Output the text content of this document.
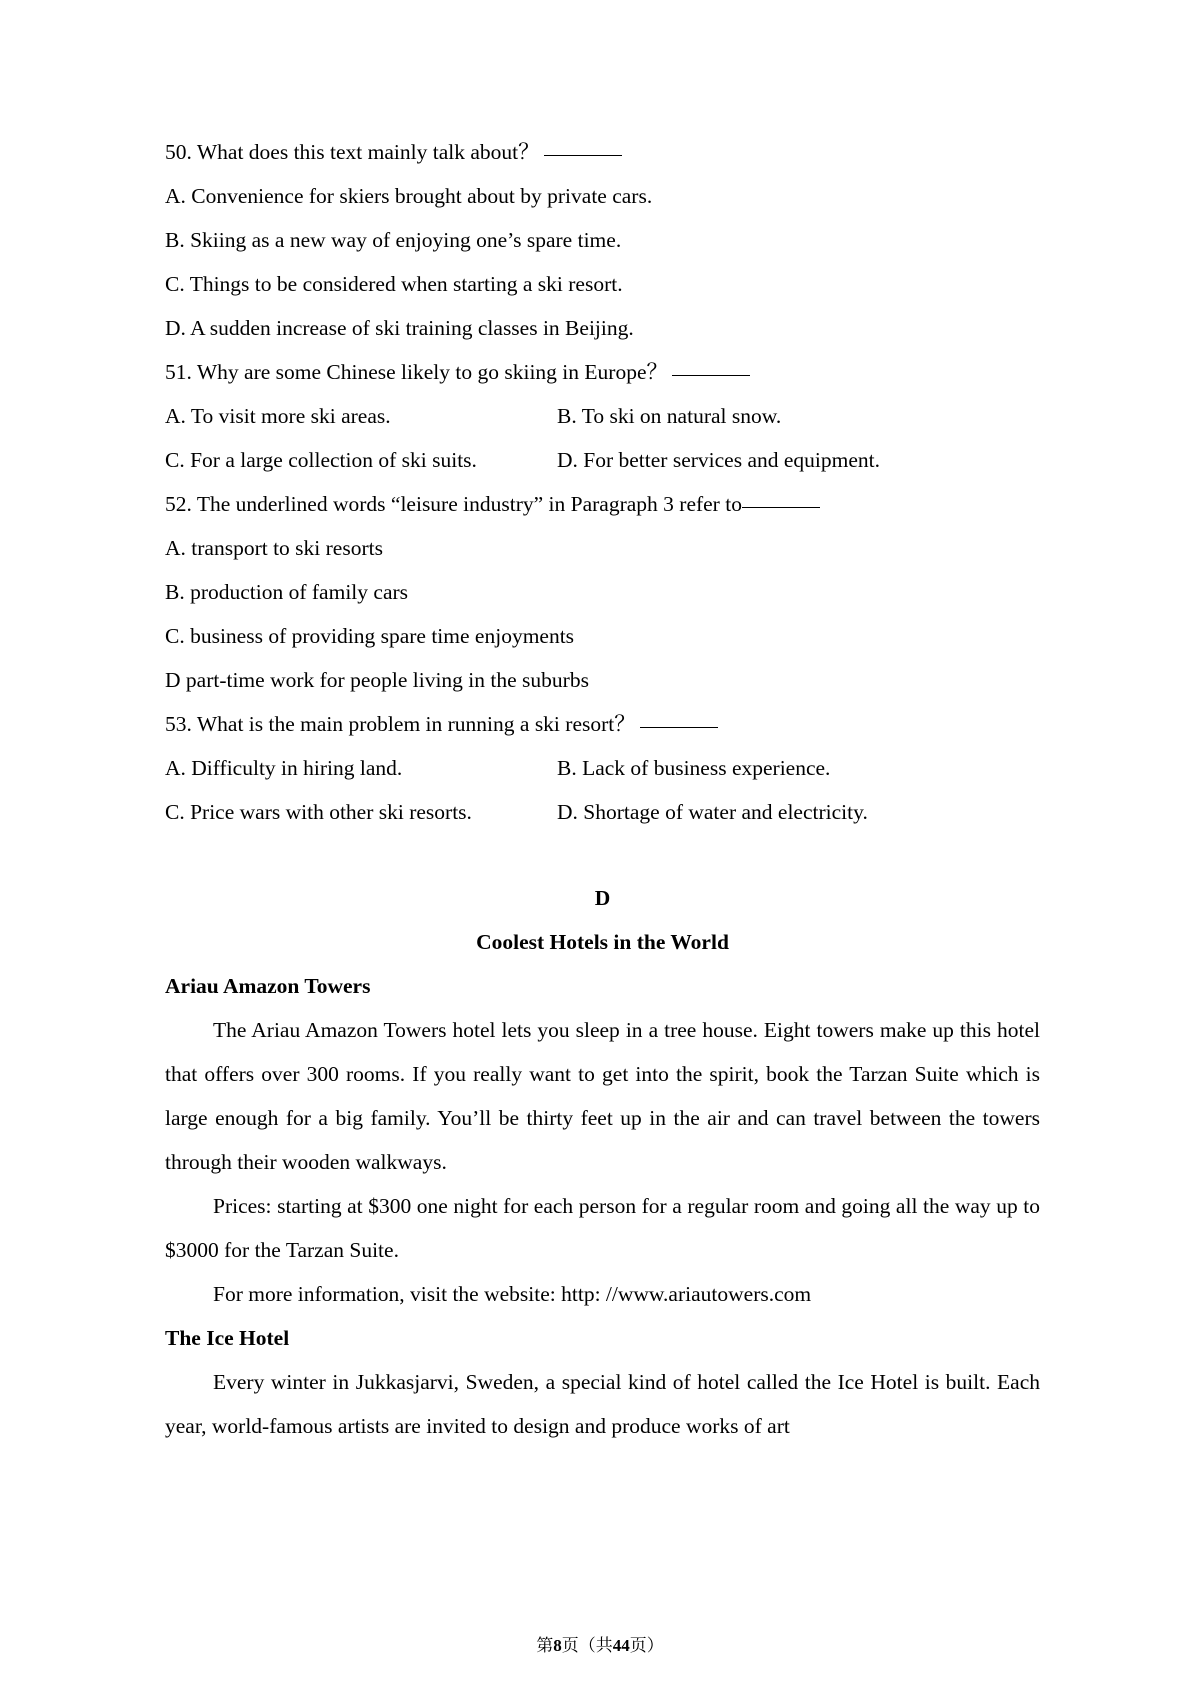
50. What does this text mainly talk about？
A. Convenience for skiers brought about by private cars.
B. Skiing as a new way of enjoying one’s spare time.
C. Things to be considered when starting a ski resort.
D. A sudden increase of ski training classes in Beijing.
51. Why are some Chinese likely to go skiing in Europe？
A. To visit more ski areas.	B. To ski on natural snow.
C. For a large collection of ski suits.	D. For better services and equipment.
52. The underlined words “leisure industry” in Paragraph 3 refer to
A. transport to ski resorts
B. production of family cars
C. business of providing spare time enjoyments
D part-time work for people living in the suburbs
53. What is the main problem in running a ski resort？
A. Difficulty in hiring land.	B. Lack of business experience.
C. Price wars with other ski resorts.	D. Shortage of water and electricity.
D
Coolest Hotels in the World
Ariau Amazon Towers
The Ariau Amazon Towers hotel lets you sleep in a tree house. Eight towers make up this hotel that offers over 300 rooms. If you really want to get into the spirit, book the Tarzan Suite which is large enough for a big family. You’ll be thirty feet up in the air and can travel between the towers through their wooden walkways.
Prices: starting at $300 one night for each person for a regular room and going all the way up to $3000 for the Tarzan Suite.
For more information, visit the website: http: //www.ariautowers.com
The Ice Hotel
Every winter in Jukkasjarvi, Sweden, a special kind of hotel called the Ice Hotel is built. Each year, world-famous artists are invited to design and produce works of art
第8页（共44页）
